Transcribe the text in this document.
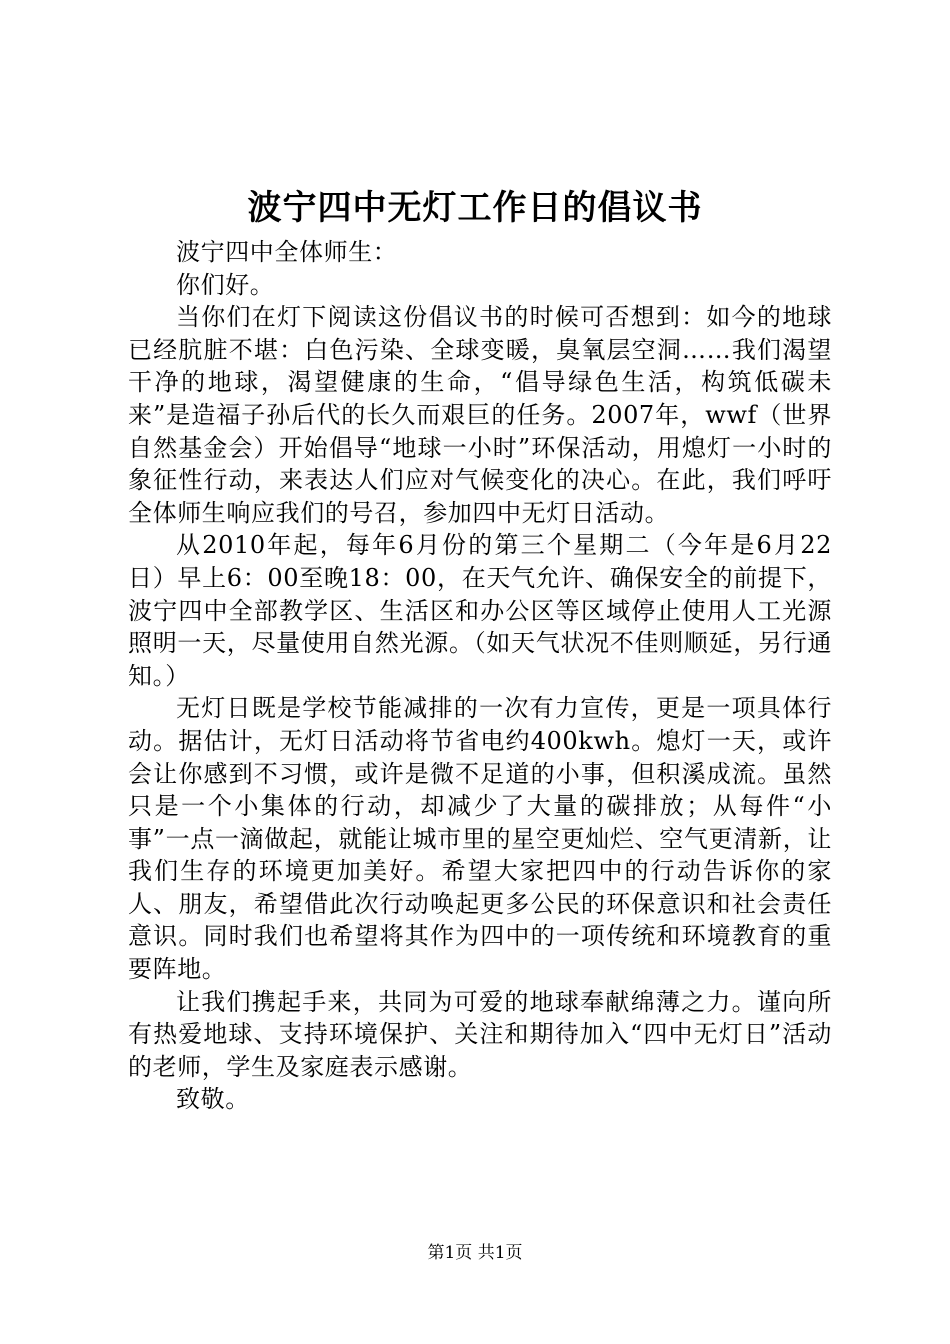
波宁四中无灯工作日的倡议书

波宁四中全体师生：

你们好。

当你们在灯下阅读这份倡议书的时候可否想到：如今的地球已经肮脏不堪：白色污染、全球变暖，臭氧层空洞……我们渴望干净的地球，渴望健康的生命，“倡导绿色生活，构筑低碳未来”是造福子孙后代的长久而艰巨的任务。2007年，wwf（世界自然基金会）开始倡导“地球一小时”环保活动，用熄灯一小时的象征性行动，来表达人们应对气候变化的决心。在此，我们呼吁全体师生响应我们的号召，参加四中无灯日活动。

从2010年起，每年6月份的第三个星期二（今年是6月22日）早上6：00至晚18：00，在天气允许、确保安全的前提下，波宁四中全部教学区、生活区和办公区等区域停止使用人工光源照明一天，尽量使用自然光源。（如天气状况不佳则顺延，另行通知。）

无灯日既是学校节能减排的一次有力宣传，更是一项具体行动。据估计，无灯日活动将节省电约400kwh。熄灯一天，或许会让你感到不习惯，或许是微不足道的小事，但积溪成流。虽然只是一个小集体的行动，却减少了大量的碳排放；从每件“小事”一点一滴做起，就能让城市里的星空更灿烂、空气更清新，让我们生存的环境更加美好。希望大家把四中的行动告诉你的家人、朋友，希望借此次行动唤起更多公民的环保意识和社会责任意识。同时我们也希望将其作为四中的一项传统和环境教育的重要阵地。

让我们携起手来，共同为可爱的地球奉献绵薄之力。谨向所有热爱地球、支持环境保护、关注和期待加入“四中无灯日”活动的老师，学生及家庭表示感谢。

致敬。

第1页 共1页
